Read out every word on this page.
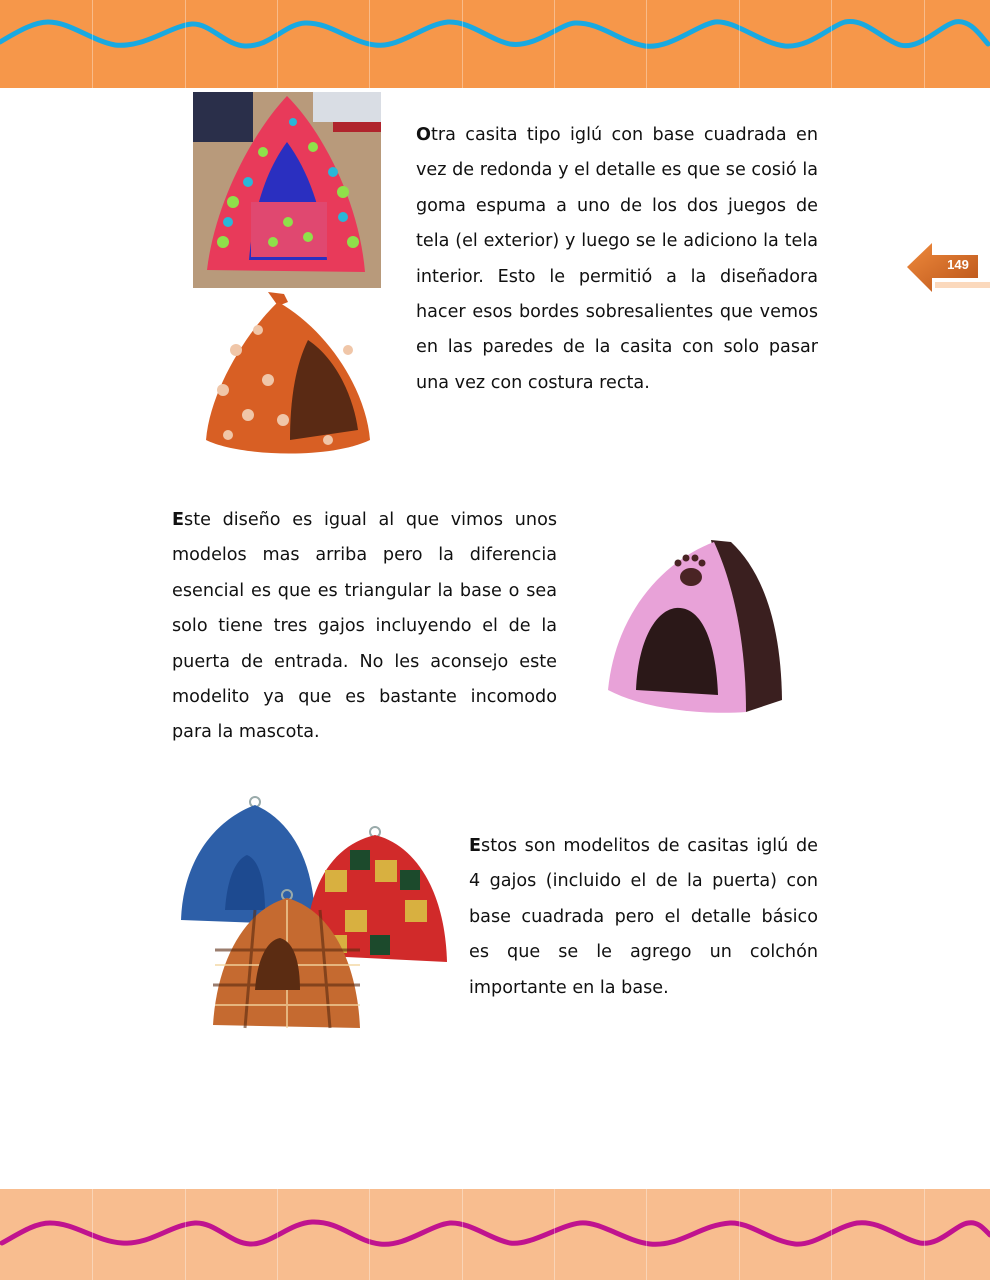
149

Otra casita tipo iglú con base cuadrada en vez de redonda y el detalle es que se cosió la goma espuma a uno de los dos juegos de tela (el exterior) y luego se le adiciono la tela interior. Esto le permitió a la diseñadora hacer esos bordes sobresalientes que vemos en las paredes de la casita con solo pasar una vez con costura recta.

Este diseño es igual al que vimos unos modelos mas arriba pero la diferencia esencial es que es triangular la base o sea solo tiene tres gajos incluyendo el de la puerta de entrada. No les aconsejo este modelito ya que es bastante incomodo para la mascota.

Estos son modelitos de casitas iglú de 4 gajos (incluido el de la puerta) con base cuadrada pero el detalle básico es que se le agrego un colchón importante en la base.
